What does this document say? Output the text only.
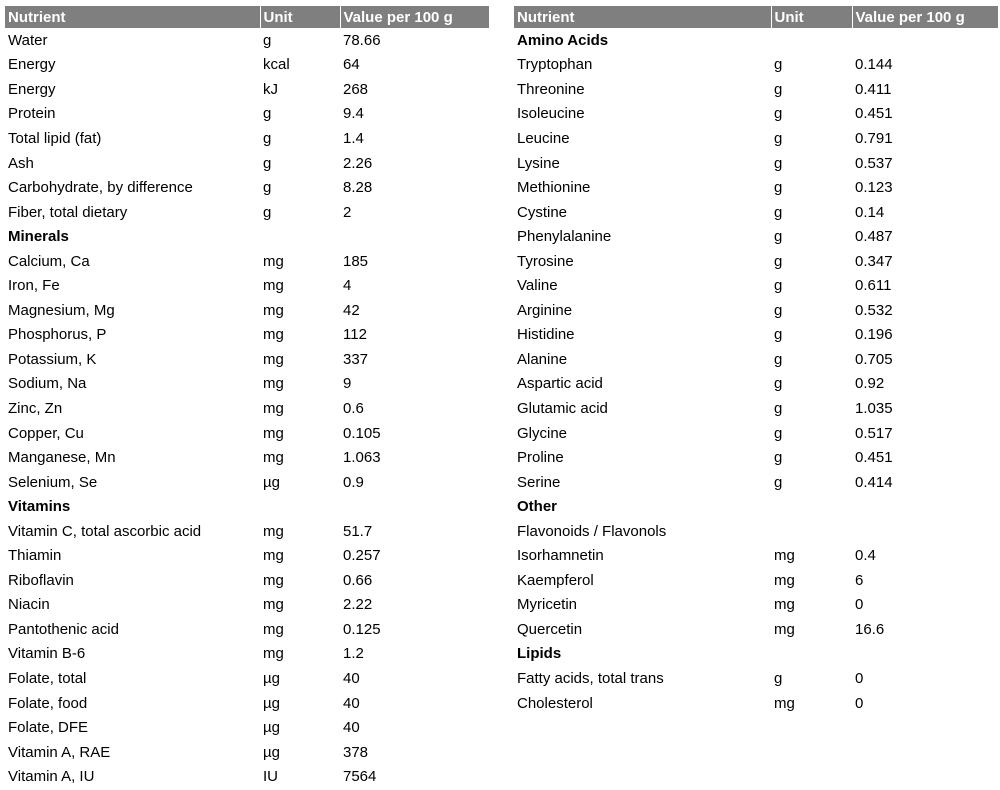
Nutrient	Unit	Value per 100 g
Water	g	78.66
Energy	kcal	64
Energy	kJ	268
Protein	g	9.4
Total lipid (fat)	g	1.4
Ash	g	2.26
Carbohydrate, by difference	g	8.28
Fiber, total dietary	g	2
Minerals		
Calcium, Ca	mg	185
Iron, Fe	mg	4
Magnesium, Mg	mg	42
Phosphorus, P	mg	112
Potassium, K	mg	337
Sodium, Na	mg	9
Zinc, Zn	mg	0.6
Copper, Cu	mg	0.105
Manganese, Mn	mg	1.063
Selenium, Se	µg	0.9
Vitamins		
Vitamin C, total ascorbic acid	mg	51.7
Thiamin	mg	0.257
Riboflavin	mg	0.66
Niacin	mg	2.22
Pantothenic acid	mg	0.125
Vitamin B-6	mg	1.2
Folate, total	µg	40
Folate, food	µg	40
Folate, DFE	µg	40
Vitamin A, RAE	µg	378
Vitamin A, IU	IU	7564
Nutrient	Unit	Value per 100 g
Amino Acids		
Tryptophan	g	0.144
Threonine	g	0.411
Isoleucine	g	0.451
Leucine	g	0.791
Lysine	g	0.537
Methionine	g	0.123
Cystine	g	0.14
Phenylalanine	g	0.487
Tyrosine	g	0.347
Valine	g	0.611
Arginine	g	0.532
Histidine	g	0.196
Alanine	g	0.705
Aspartic acid	g	0.92
Glutamic acid	g	1.035
Glycine	g	0.517
Proline	g	0.451
Serine	g	0.414
Other		
Flavonoids / Flavonols		
Isorhamnetin	mg	0.4
Kaempferol	mg	6
Myricetin	mg	0
Quercetin	mg	16.6
Lipids		
Fatty acids, total trans	g	0
Cholesterol	mg	0
